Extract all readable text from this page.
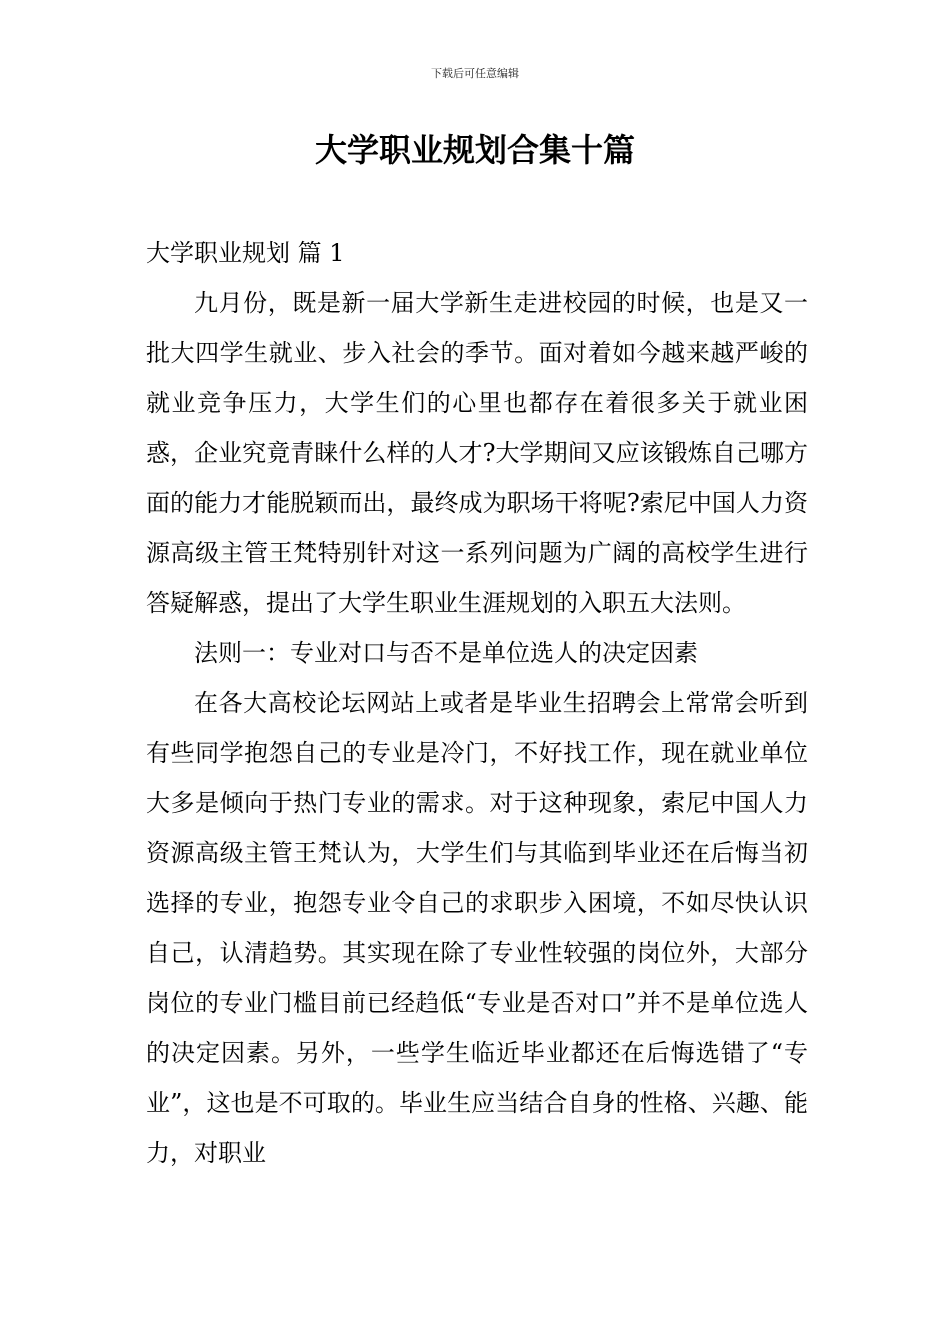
下载后可任意编辑
大学职业规划合集十篇
大学职业规划 篇 1

九月份，既是新一届大学新生走进校园的时候，也是又一批大四学生就业、步入社会的季节。面对着如今越来越严峻的就业竞争压力，大学生们的心里也都存在着很多关于就业困惑，企业究竟青睐什么样的人才?大学期间又应该锻炼自己哪方面的能力才能脱颖而出，最终成为职场干将呢?索尼中国人力资源高级主管王梵特别针对这一系列问题为广阔的高校学生进行答疑解惑，提出了大学生职业生涯规划的入职五大法则。

法则一：专业对口与否不是单位选人的决定因素

在各大高校论坛网站上或者是毕业生招聘会上常常会听到有些同学抱怨自己的专业是冷门，不好找工作，现在就业单位大多是倾向于热门专业的需求。对于这种现象，索尼中国人力资源高级主管王梵认为，大学生们与其临到毕业还在后悔当初选择的专业，抱怨专业令自己的求职步入困境，不如尽快认识自己，认清趋势。其实现在除了专业性较强的岗位外，大部分岗位的专业门槛目前已经趋低“专业是否对口”并不是单位选人的决定因素。另外，一些学生临近毕业都还在后悔选错了“专业”，这也是不可取的。毕业生应当结合自身的性格、兴趣、能力，对职业
